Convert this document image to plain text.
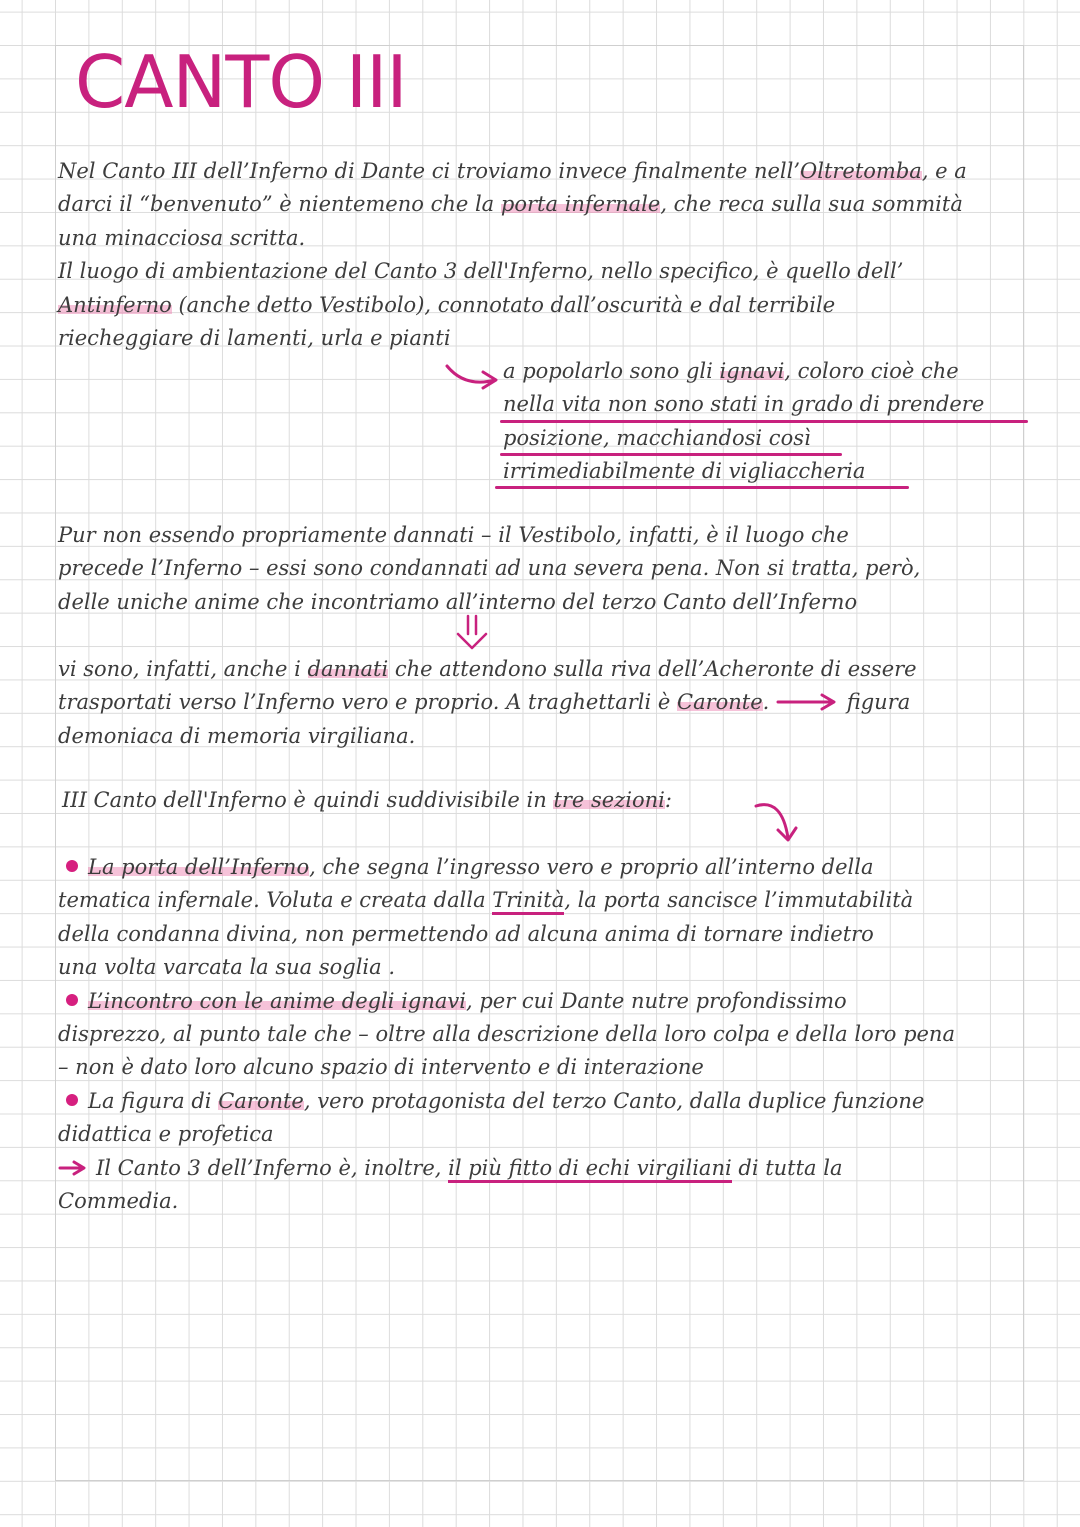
CANTO III

Nel Canto III dell’Inferno di Dante ci troviamo invece finalmente nell’Oltretomba, e a
darci il “benvenuto” è nientemeno che la porta infernale, che reca sulla sua sommità
una minacciosa scritta.
Il luogo di ambientazione del Canto 3 dell'Inferno, nello specifico, è quello dell’
Antinferno (anche detto Vestibolo), connotato dall’oscurità e dal terribile
riecheggiare di lamenti, urla e pianti

a popolarlo sono gli ignavi, coloro cioè che
nella vita non sono stati in grado di prendere
posizione, macchiandosi così
irrimediabilmente di vigliaccheria

Pur non essendo propriamente dannati – il Vestibolo, infatti, è il luogo che
precede l’Inferno – essi sono condannati ad una severa pena. Non si tratta, però,
delle uniche anime che incontriamo all’interno del terzo Canto dell’Inferno

vi sono, infatti, anche i dannati che attendono sulla riva dell’Acheronte di essere
trasportati verso l’Inferno vero e proprio. A traghettarli è Caronte.	figura
demoniaca di memoria virgiliana.

III Canto dell'Inferno è quindi suddivisibile in tre sezioni:

La porta dell’Inferno, che segna l’ingresso vero e proprio all’interno della
tematica infernale. Voluta e creata dalla Trinità, la porta sancisce l’immutabilità
della condanna divina, non permettendo ad alcuna anima di tornare indietro
una volta varcata la sua soglia .
L’incontro con le anime degli ignavi, per cui Dante nutre profondissimo
disprezzo, al punto tale che – oltre alla descrizione della loro colpa e della loro pena
– non è dato loro alcuno spazio di intervento e di interazione
La figura di Caronte, vero protagonista del terzo Canto, dalla duplice funzione
didattica e profetica
Il Canto 3 dell’Inferno è, inoltre, il più fitto di echi virgiliani di tutta la
Commedia.
